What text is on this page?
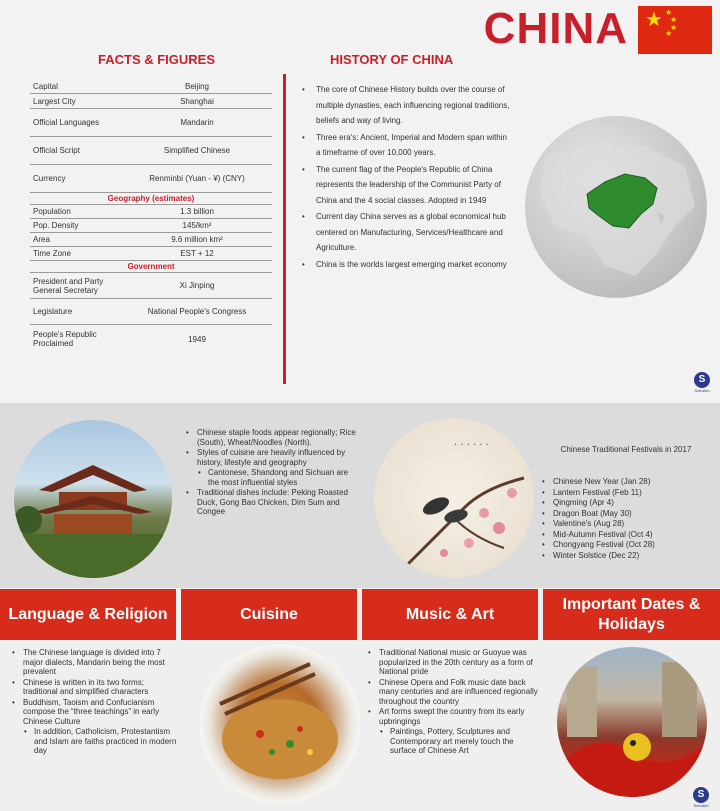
CHINA ★ ★
★
★
★
FACTS & FIGURES	HISTORY OF CHINA
Capital	Beijing
Largest City	Shanghai
Official Languages	Mandarin
Official Script	Simplified Chinese
Currency	Renminbi (Yuan - ¥) (CNY)
Geography (estimates)
Population	1.3 billion
Pop. Density	145/km²
Area	9.6 million km²
Time Zone	EST + 12
Government
President and Party General Secretary	Xi Jinping
Legislature	National People's Congress
People's Republic Proclaimed	1949
• The core of Chinese History builds over the course of multiple dynasties, each influencing regional traditions, beliefs and way of living.
• Three era's: Ancient, Imperial and Modern span within a timeframe of over 10,000 years.
• The current flag of the People's Republic of China represents the leadership of the Communist Party of China and the 4 social classes. Adopted in 1949
• Current day China serves as a global economical hub centered on Manufacturing, Services/Healthcare and Agriculture.
• China is the worlds largest emerging market economy
S
Schulich
• Chinese staple foods appear regionally; Rice (South), Wheat/Noodles (North).
• Styles of cuisine are heavily influenced by history, lifestyle and geography
• Cantonese, Shandong and Sichuan are the most influential styles
• Traditional dishes include: Peking Roasted Duck, Gong Bao Chicken, Dim Sum and Congee
· · · · · ·	Chinese Traditional Festivals in 2017
• Chinese New Year (Jan 28)
• Lantern Festival (Feb 11)
• Qingming (Apr 4)
• Dragon Boat (May 30)
• Valentine's (Aug 28)
• Mid-Autumn Festival (Oct 4)
• Chongyang Festival (Oct 28)
• Winter Solstice (Dec 22)
Language & Religion	Cuisine	Music & Art
Important Dates & Holidays
• The Chinese language is divided into 7 major dialects, Mandarin being the most prevalent
• Chinese is written in its two forms; traditional and simplified characters
• Buddhism, Taoism and Confucianism compose the “three teachings” in early Chinese Culture
• In addition, Catholicism, Protestantism and Islam are faiths practiced in modern day
• Traditional National music or Guoyue was popularized in the 20th century as a form of National pride
• Chinese Opera and Folk music date back many centuries and are influenced regionally throughout the country
• Art forms swept the country from its early upbringings
• Paintings, Pottery, Sculptures and Contemporary art merely touch the surface of Chinese Art
S
Schulich
